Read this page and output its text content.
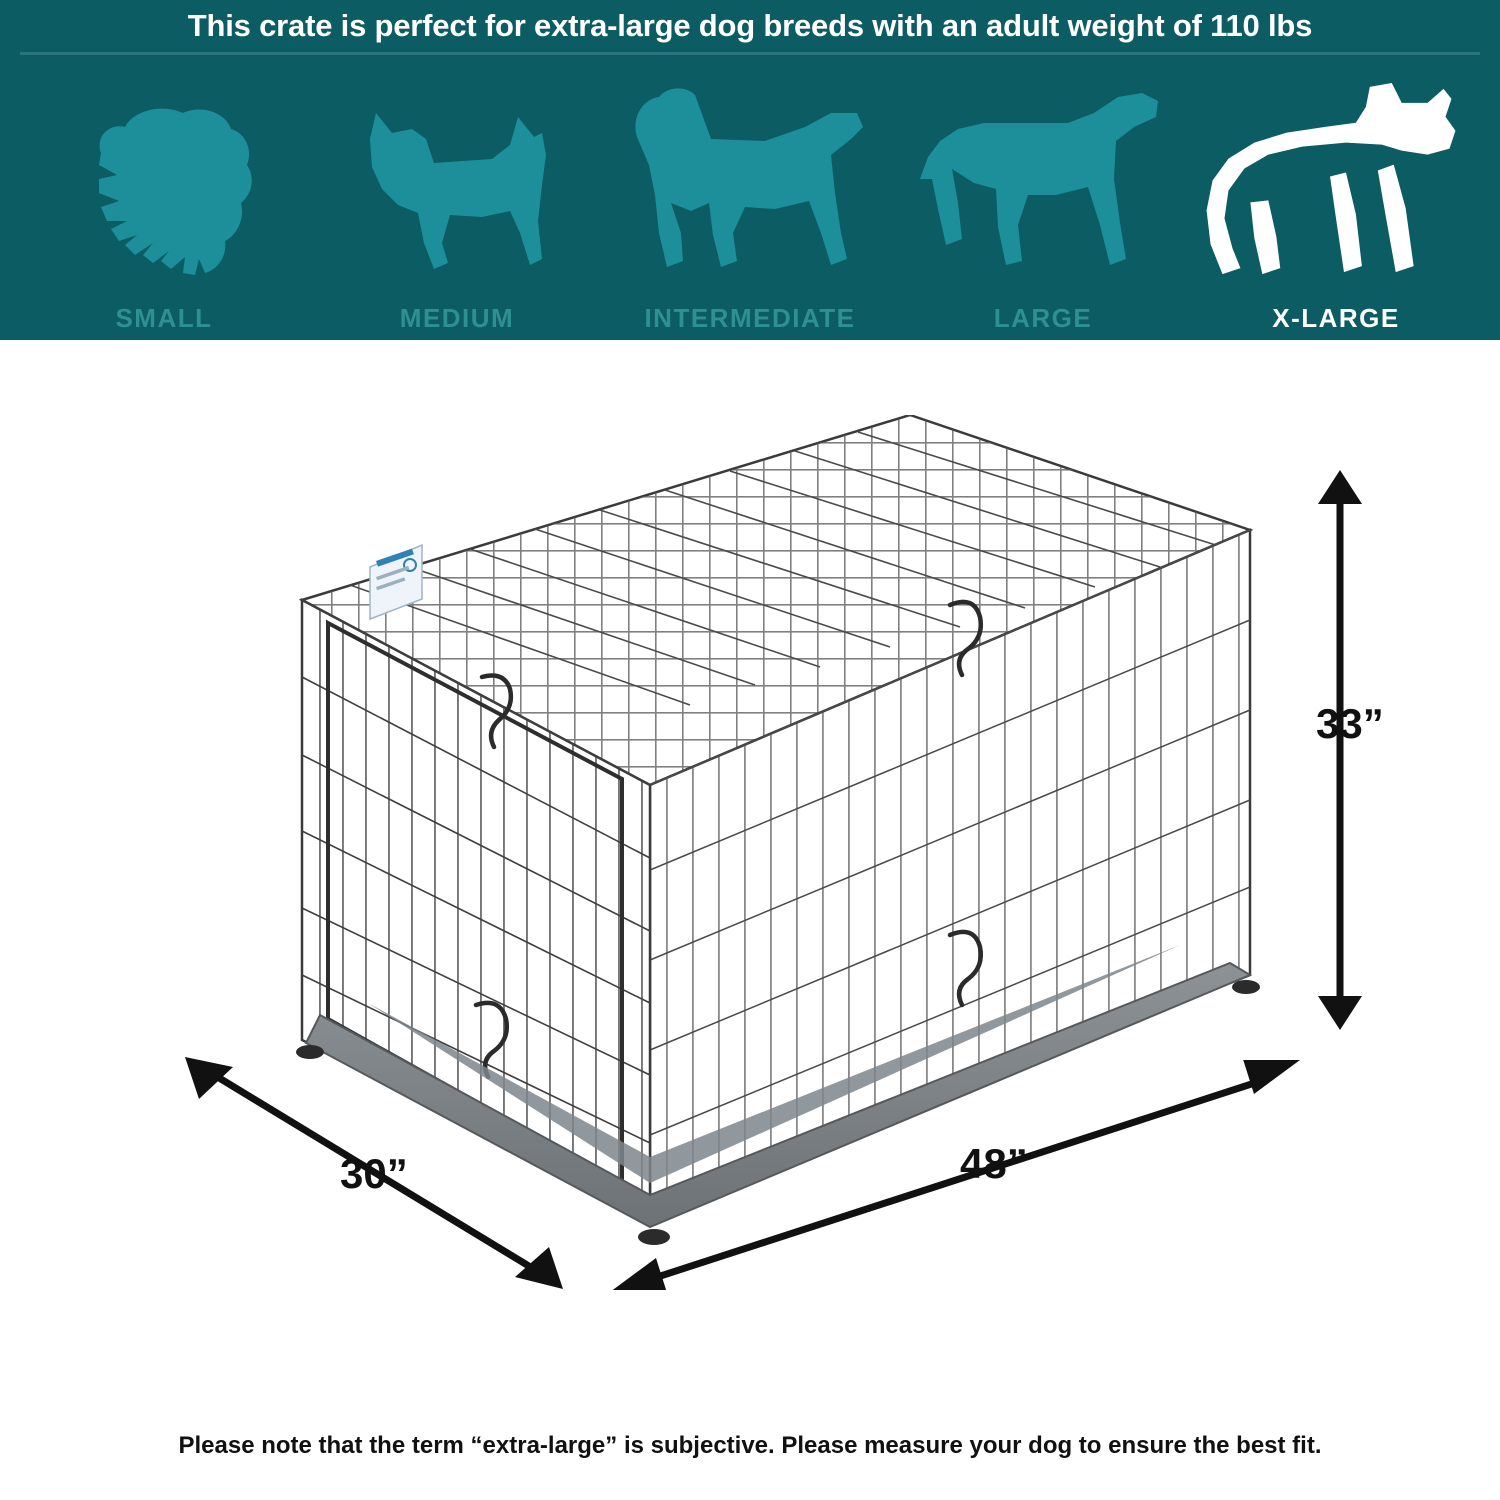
This crate is perfect for extra-large dog breeds with an adult weight of 110 lbs
SMALL	MEDIUM	INTERMEDIATE	LARGE	X-LARGE
33”
48”
30”
Please note that the term “extra-large” is subjective. Please measure your dog to ensure the best fit.
